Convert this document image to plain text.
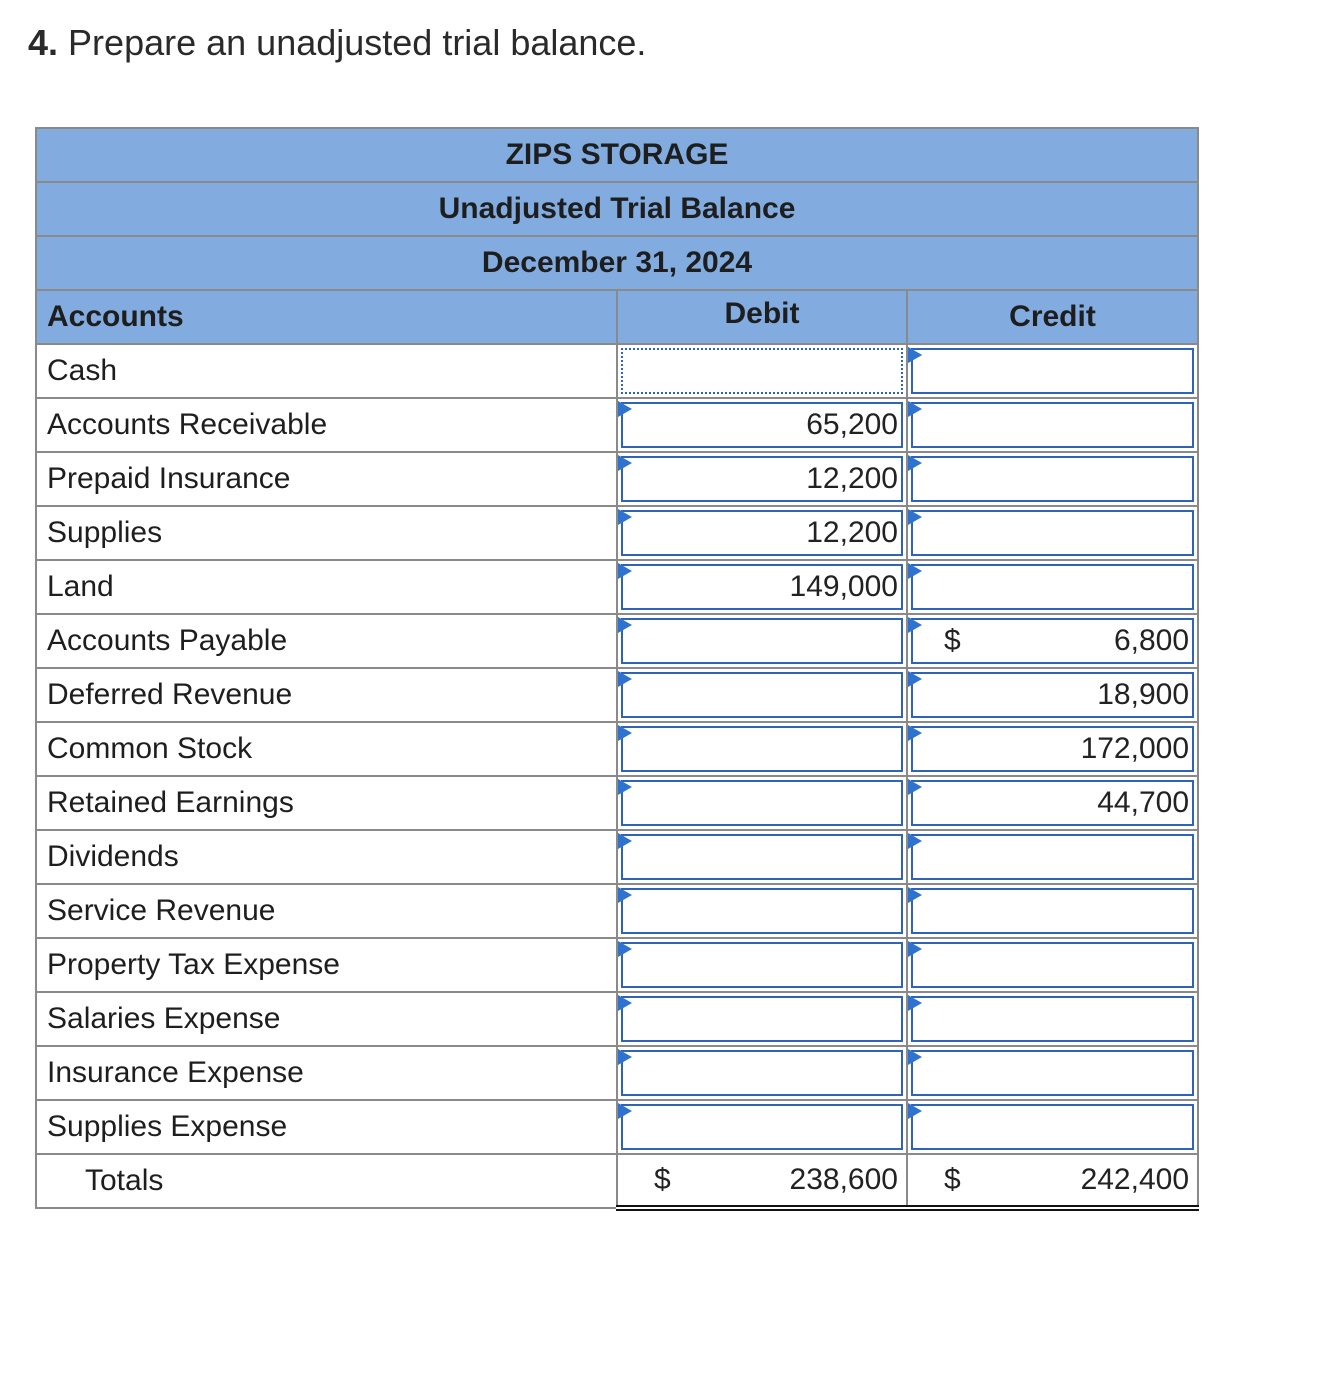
4. Prepare an unadjusted trial balance.
ZIPS STORAGE		
Unadjusted Trial Balance		
December 31, 2024		
Accounts	Debit	Credit
Cash	

Accounts Receivable	65,200	

Prepaid Insurance	12,200	

Supplies	12,200	

Land	149,000	

Accounts Payable		$ 6,800

Deferred Revenue		18,900

Common Stock		172,000

Retained Earnings		44,700

Dividends	

Service Revenue	

Property Tax Expense	

Salaries Expense	

Insurance Expense	

Supplies Expense	

Totals	$ 238,600	$ 242,400
